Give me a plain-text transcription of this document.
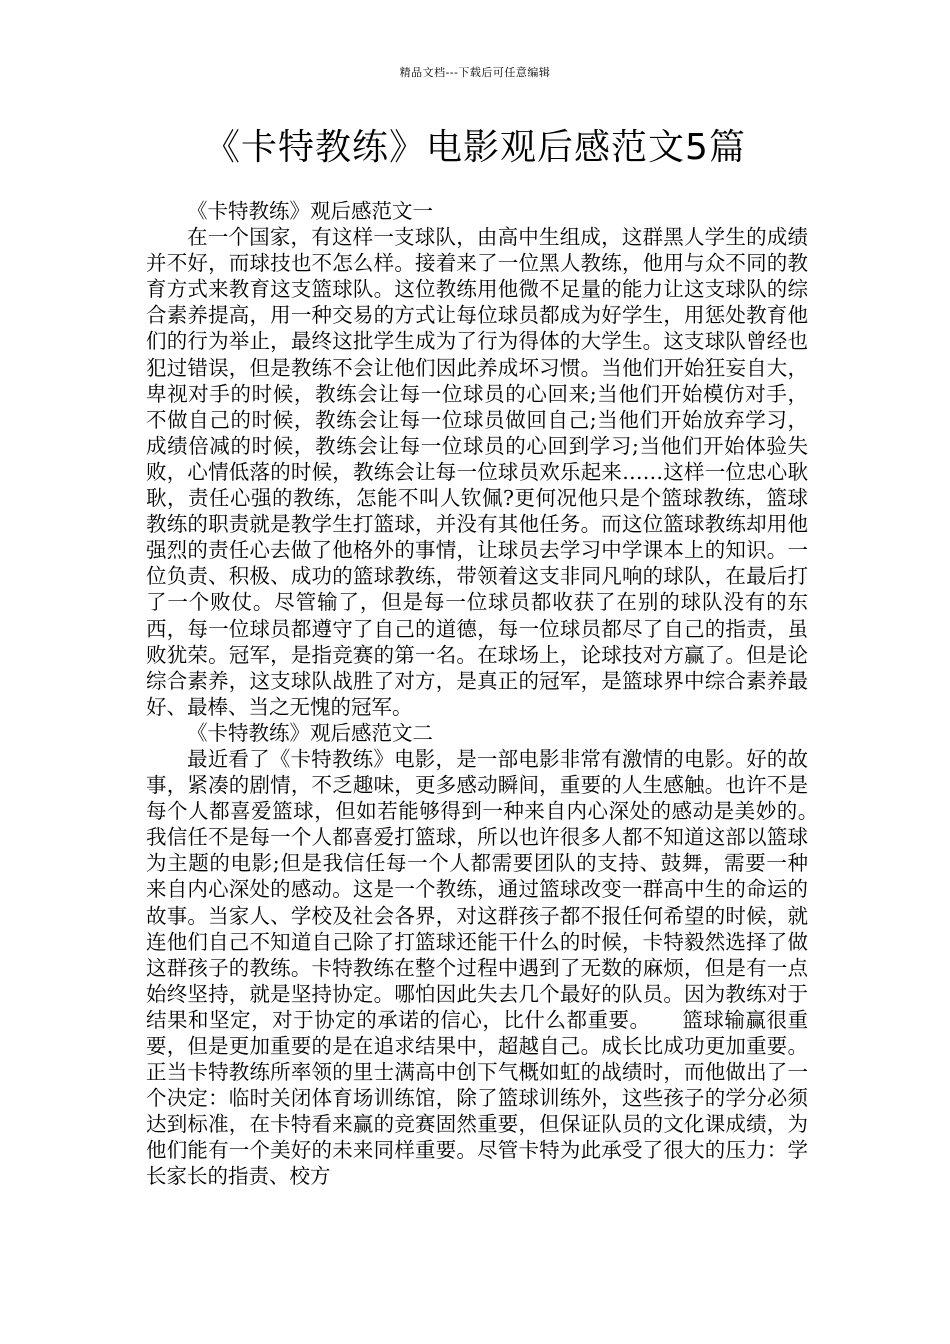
精品文档---下载后可任意编辑
《卡特教练》电影观后感范文5篇

《卡特教练》观后感范文一

在一个国家，有这样一支球队，由高中生组成，这群黑人学生的成绩并不好，而球技也不怎么样。接着来了一位黑人教练，他用与众不同的教育方式来教育这支篮球队。这位教练用他微不足量的能力让这支球队的综合素养提高，用一种交易的方式让每位球员都成为好学生，用惩处教育他们的行为举止，最终这批学生成为了行为得体的大学生。这支球队曾经也犯过错误，但是教练不会让他们因此养成坏习惯。当他们开始狂妄自大，卑视对手的时候，教练会让每一位球员的心回来;当他们开始模仿对手，不做自己的时候，教练会让每一位球员做回自己;当他们开始放弃学习，成绩倍减的时候，教练会让每一位球员的心回到学习;当他们开始体验失败，心情低落的时候，教练会让每一位球员欢乐起来……这样一位忠心耿耿，责任心强的教练，怎能不叫人钦佩?更何况他只是个篮球教练，篮球教练的职责就是教学生打篮球，并没有其他任务。而这位篮球教练却用他强烈的责任心去做了他格外的事情，让球员去学习中学课本上的知识。一位负责、积极、成功的篮球教练，带领着这支非同凡响的球队，在最后打了一个败仗。尽管输了，但是每一位球员都收获了在别的球队没有的东西，每一位球员都遵守了自己的道德，每一位球员都尽了自己的指责，虽败犹荣。冠军，是指竞赛的第一名。在球场上，论球技对方赢了。但是论综合素养，这支球队战胜了对方，是真正的冠军，是篮球界中综合素养最好、最棒、当之无愧的冠军。

《卡特教练》观后感范文二

最近看了《卡特教练》电影，是一部电影非常有激情的电影。好的故事，紧凑的剧情，不乏趣味，更多感动瞬间，重要的人生感触。也许不是每个人都喜爱篮球，但如若能够得到一种来自内心深处的感动是美妙的。　　我信任不是每一个人都喜爱打篮球，所以也许很多人都不知道这部以篮球为主题的电影;但是我信任每一个人都需要团队的支持、鼓舞，需要一种来自内心深处的感动。这是一个教练，通过篮球改变一群高中生的命运的故事。当家人、学校及社会各界，对这群孩子都不报任何希望的时候，就连他们自己不知道自己除了打篮球还能干什么的时候，卡特毅然选择了做这群孩子的教练。卡特教练在整个过程中遇到了无数的麻烦，但是有一点始终坚持，就是坚持协定。哪怕因此失去几个最好的队员。因为教练对于结果和坚定，对于协定的承诺的信心，比什么都重要。　　篮球输赢很重要，但是更加重要的是在追求结果中，超越自己。成长比成功更加重要。正当卡特教练所率领的里士满高中创下气概如虹的战绩时，而他做出了一个决定：临时关闭体育场训练馆，除了篮球训练外，这些孩子的学分必须达到标准，在卡特看来赢的竞赛固然重要，但保证队员的文化课成绩，为他们能有一个美好的未来同样重要。尽管卡特为此承受了很大的压力：学长家长的指责、校方
